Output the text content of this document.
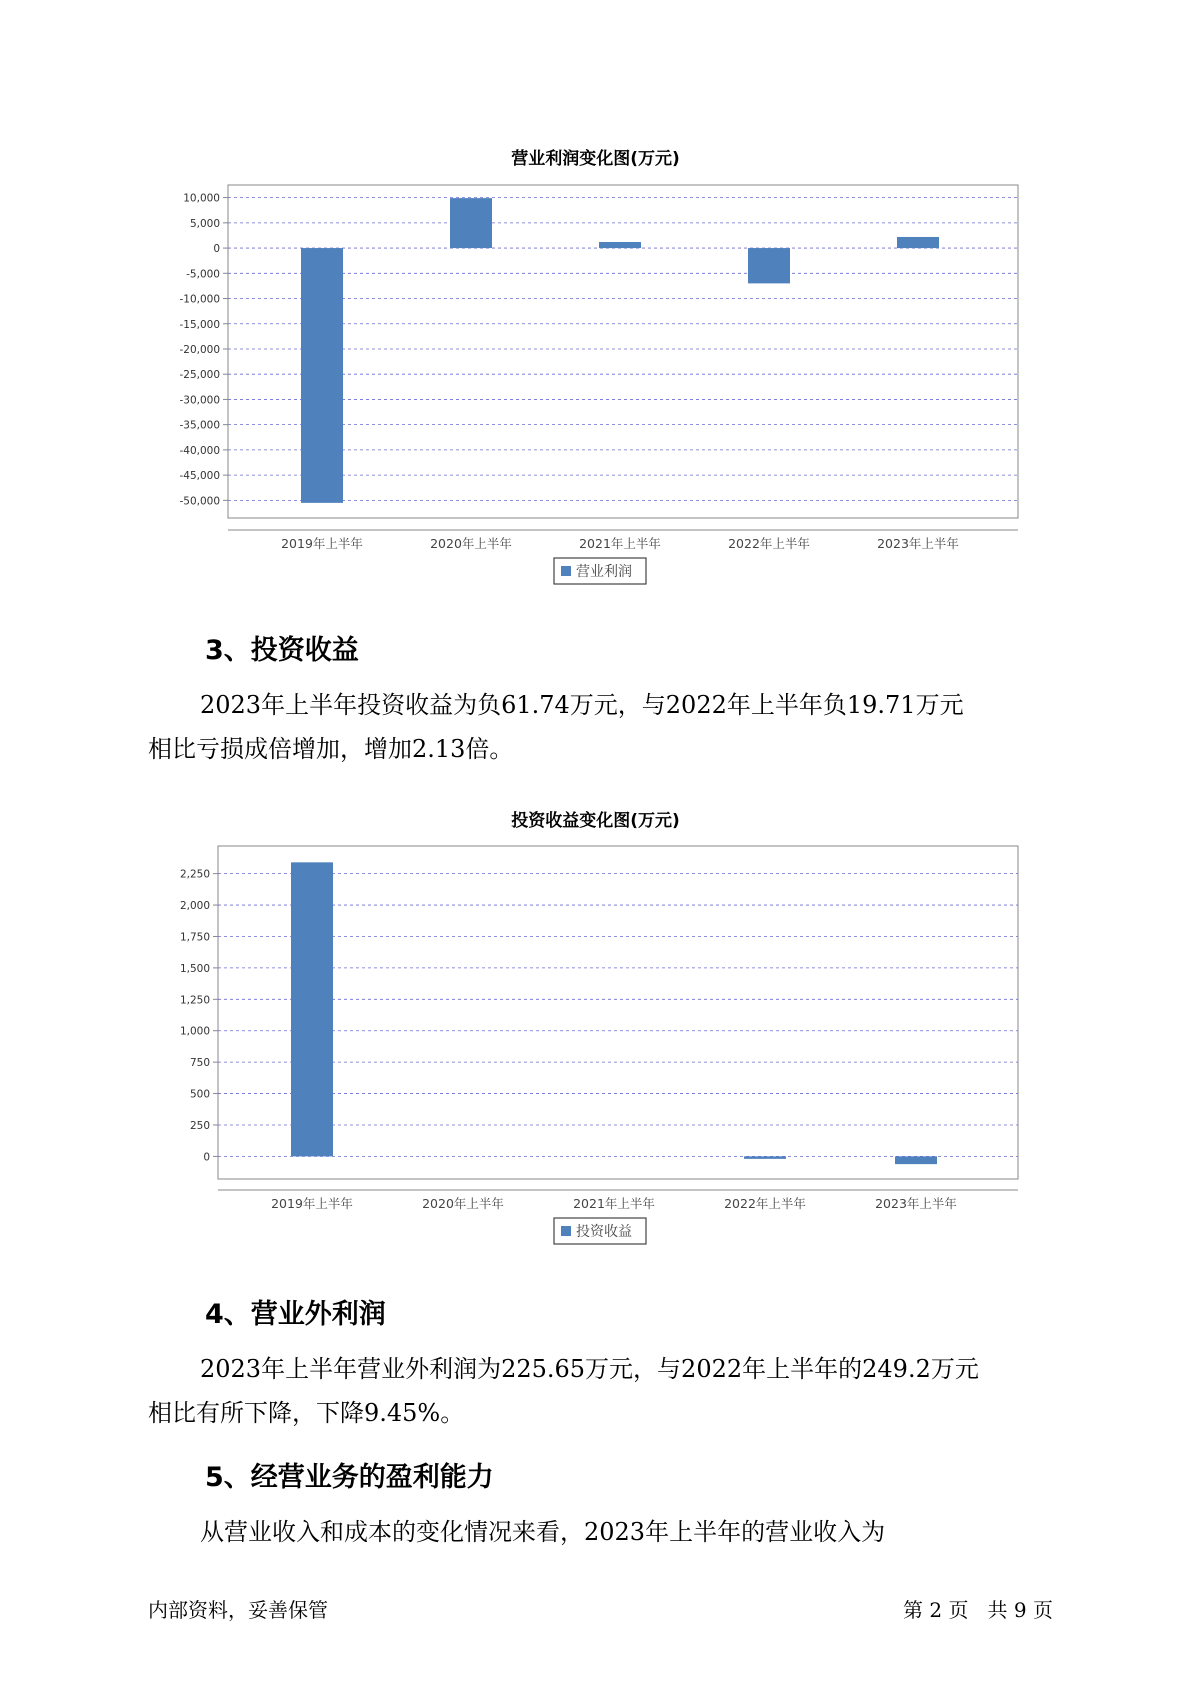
营业利润变化图(万元)
10,000
5,000
0
-5,000
-10,000
-15,000
-20,000
-25,000
-30,000
-35,000
-40,000
-45,000
-50,000
2019年上半年	2020年上半年	2021年上半年	2022年上半年	2023年上半年
营业利润
3、投资收益

2023年上半年投资收益为负61.74万元，与2022年上半年负19.71万元

相比亏损成倍增加，增加2.13倍。

投资收益变化图(万元)
2,250
2,000
1,750
1,500
1,250
1,000
750
500
250
0
2019年上半年	2020年上半年	2021年上半年	2022年上半年	2023年上半年
投资收益
4、营业外利润

2023年上半年营业外利润为225.65万元，与2022年上半年的249.2万元

相比有所下降，下降9.45%。

5、经营业务的盈利能力

从营业收入和成本的变化情况来看，2023年上半年的营业收入为

内部资料，妥善保管	第 2 页   共 9 页
